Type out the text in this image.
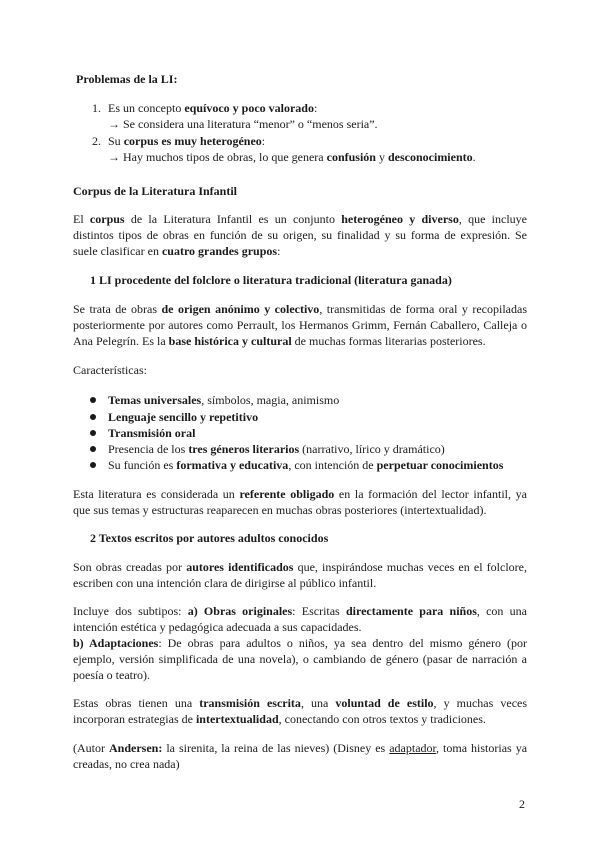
Problemas de la LI:
1. Es un concepto equívoco y poco valorado:
→ Se considera una literatura “menor” o “menos seria”.
2. Su corpus es muy heterogéneo:
→ Hay muchos tipos de obras, lo que genera confusión y desconocimiento.
Corpus de la Literatura Infantil
El corpus de la Literatura Infantil es un conjunto heterogéneo y diverso, que incluye
distintos tipos de obras en función de su origen, su finalidad y su forma de expresión. Se
suele clasificar en cuatro grandes grupos:
1 LI procedente del folclore o literatura tradicional (literatura ganada)
Se trata de obras de origen anónimo y colectivo, transmitidas de forma oral y recopiladas
posteriormente por autores como Perrault, los Hermanos Grimm, Fernán Caballero, Calleja o
Ana Pelegrín. Es la base histórica y cultural de muchas formas literarias posteriores.
Características:
Temas universales, símbolos, magia, animismo
Lenguaje sencillo y repetitivo
Transmisión oral
Presencia de los tres géneros literarios (narrativo, lírico y dramático)
Su función es formativa y educativa, con intención de perpetuar conocimientos
Esta literatura es considerada un referente obligado en la formación del lector infantil, ya
que sus temas y estructuras reaparecen en muchas obras posteriores (intertextualidad).
2 Textos escritos por autores adultos conocidos
Son obras creadas por autores identificados que, inspirándose muchas veces en el folclore,
escriben con una intención clara de dirigirse al público infantil.
Incluye dos subtipos: a) Obras originales: Escritas directamente para niños, con una
intención estética y pedagógica adecuada a sus capacidades.
b) Adaptaciones: De obras para adultos o niños, ya sea dentro del mismo género (por
ejemplo, versión simplificada de una novela), o cambiando de género (pasar de narración a
poesía o teatro).
Estas obras tienen una transmisión escrita, una voluntad de estilo, y muchas veces
incorporan estrategias de intertextualidad, conectando con otros textos y tradiciones.
(Autor Andersen: la sirenita, la reina de las nieves) (Disney es adaptador, toma historias ya
creadas, no crea nada)
2
